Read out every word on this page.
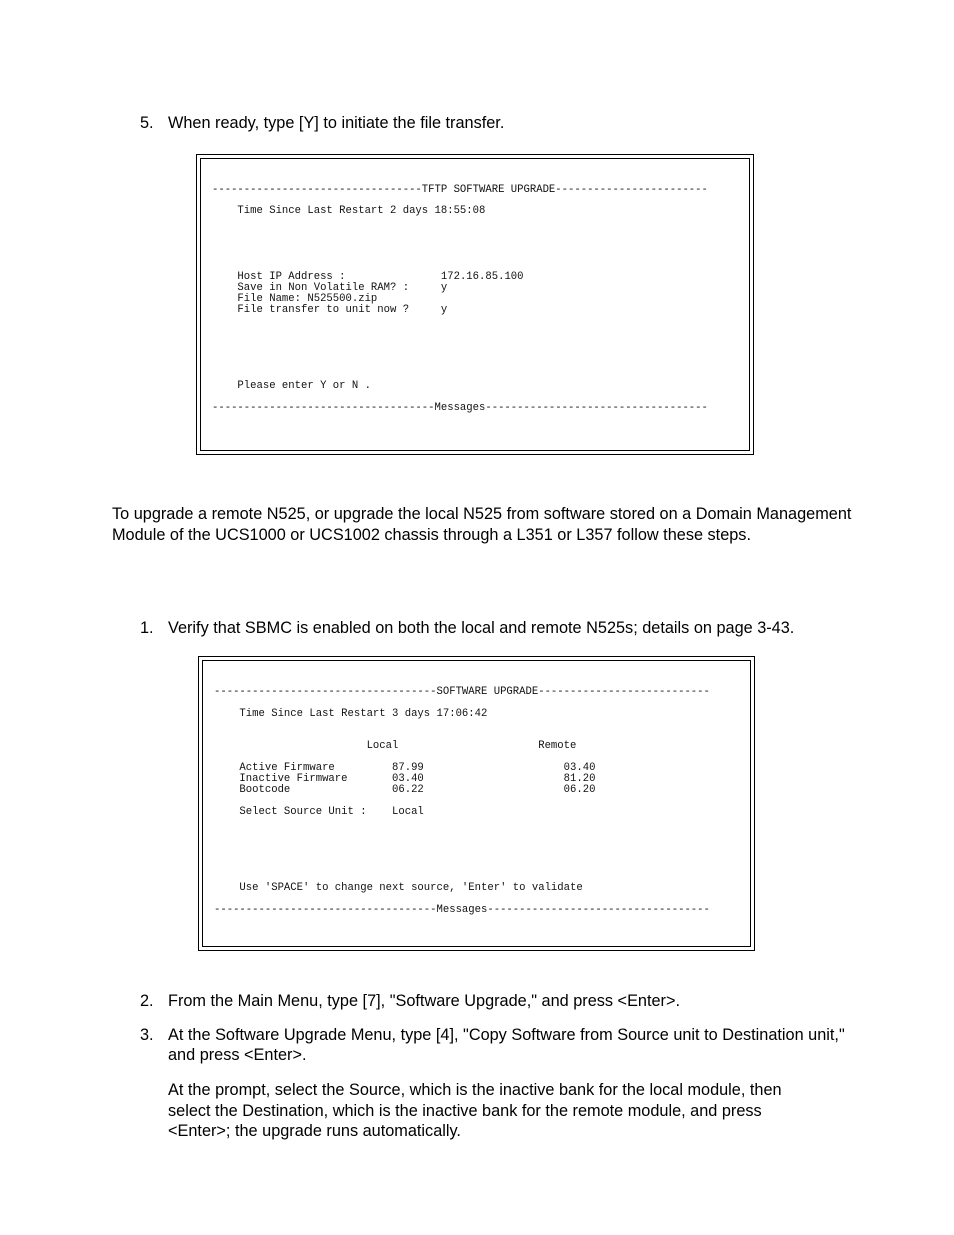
5. When ready, type [Y] to initiate the file transfer.
---------------------------------TFTP SOFTWARE UPGRADE------------------------
Time Since Last Restart 2 days 18:55:08
Host IP Address :               172.16.85.100
Save in Non Volatile RAM? :     y
File Name: N525500.zip
File transfer to unit now ?     y
Please enter Y or N .
-----------------------------------Messages-----------------------------------
To upgrade a remote N525, or upgrade the local N525 from software stored on a Domain Management Module of the UCS1000 or UCS1002 chassis through a L351 or L357 follow these steps.
1. Verify that SBMC is enabled on both the local and remote N525s; details on page 3-43.
-----------------------------------SOFTWARE UPGRADE---------------------------
Time Since Last Restart 3 days 17:06:42
Local                      Remote
Active Firmware         87.99                      03.40
Inactive Firmware       03.40                      81.20
Bootcode                06.22                      06.20
Select Source Unit :    Local
Use 'SPACE' to change next source, 'Enter' to validate
-----------------------------------Messages-----------------------------------
2. From the Main Menu, type [7], "Software Upgrade," and press <Enter>.
3. At the Software Upgrade Menu, type [4], "Copy Software from Source unit to Destination unit," and press <Enter>.
At the prompt, select the Source, which is the inactive bank for the local module, then select the Destination, which is the inactive bank for the remote module, and press <Enter>; the upgrade runs automatically.
